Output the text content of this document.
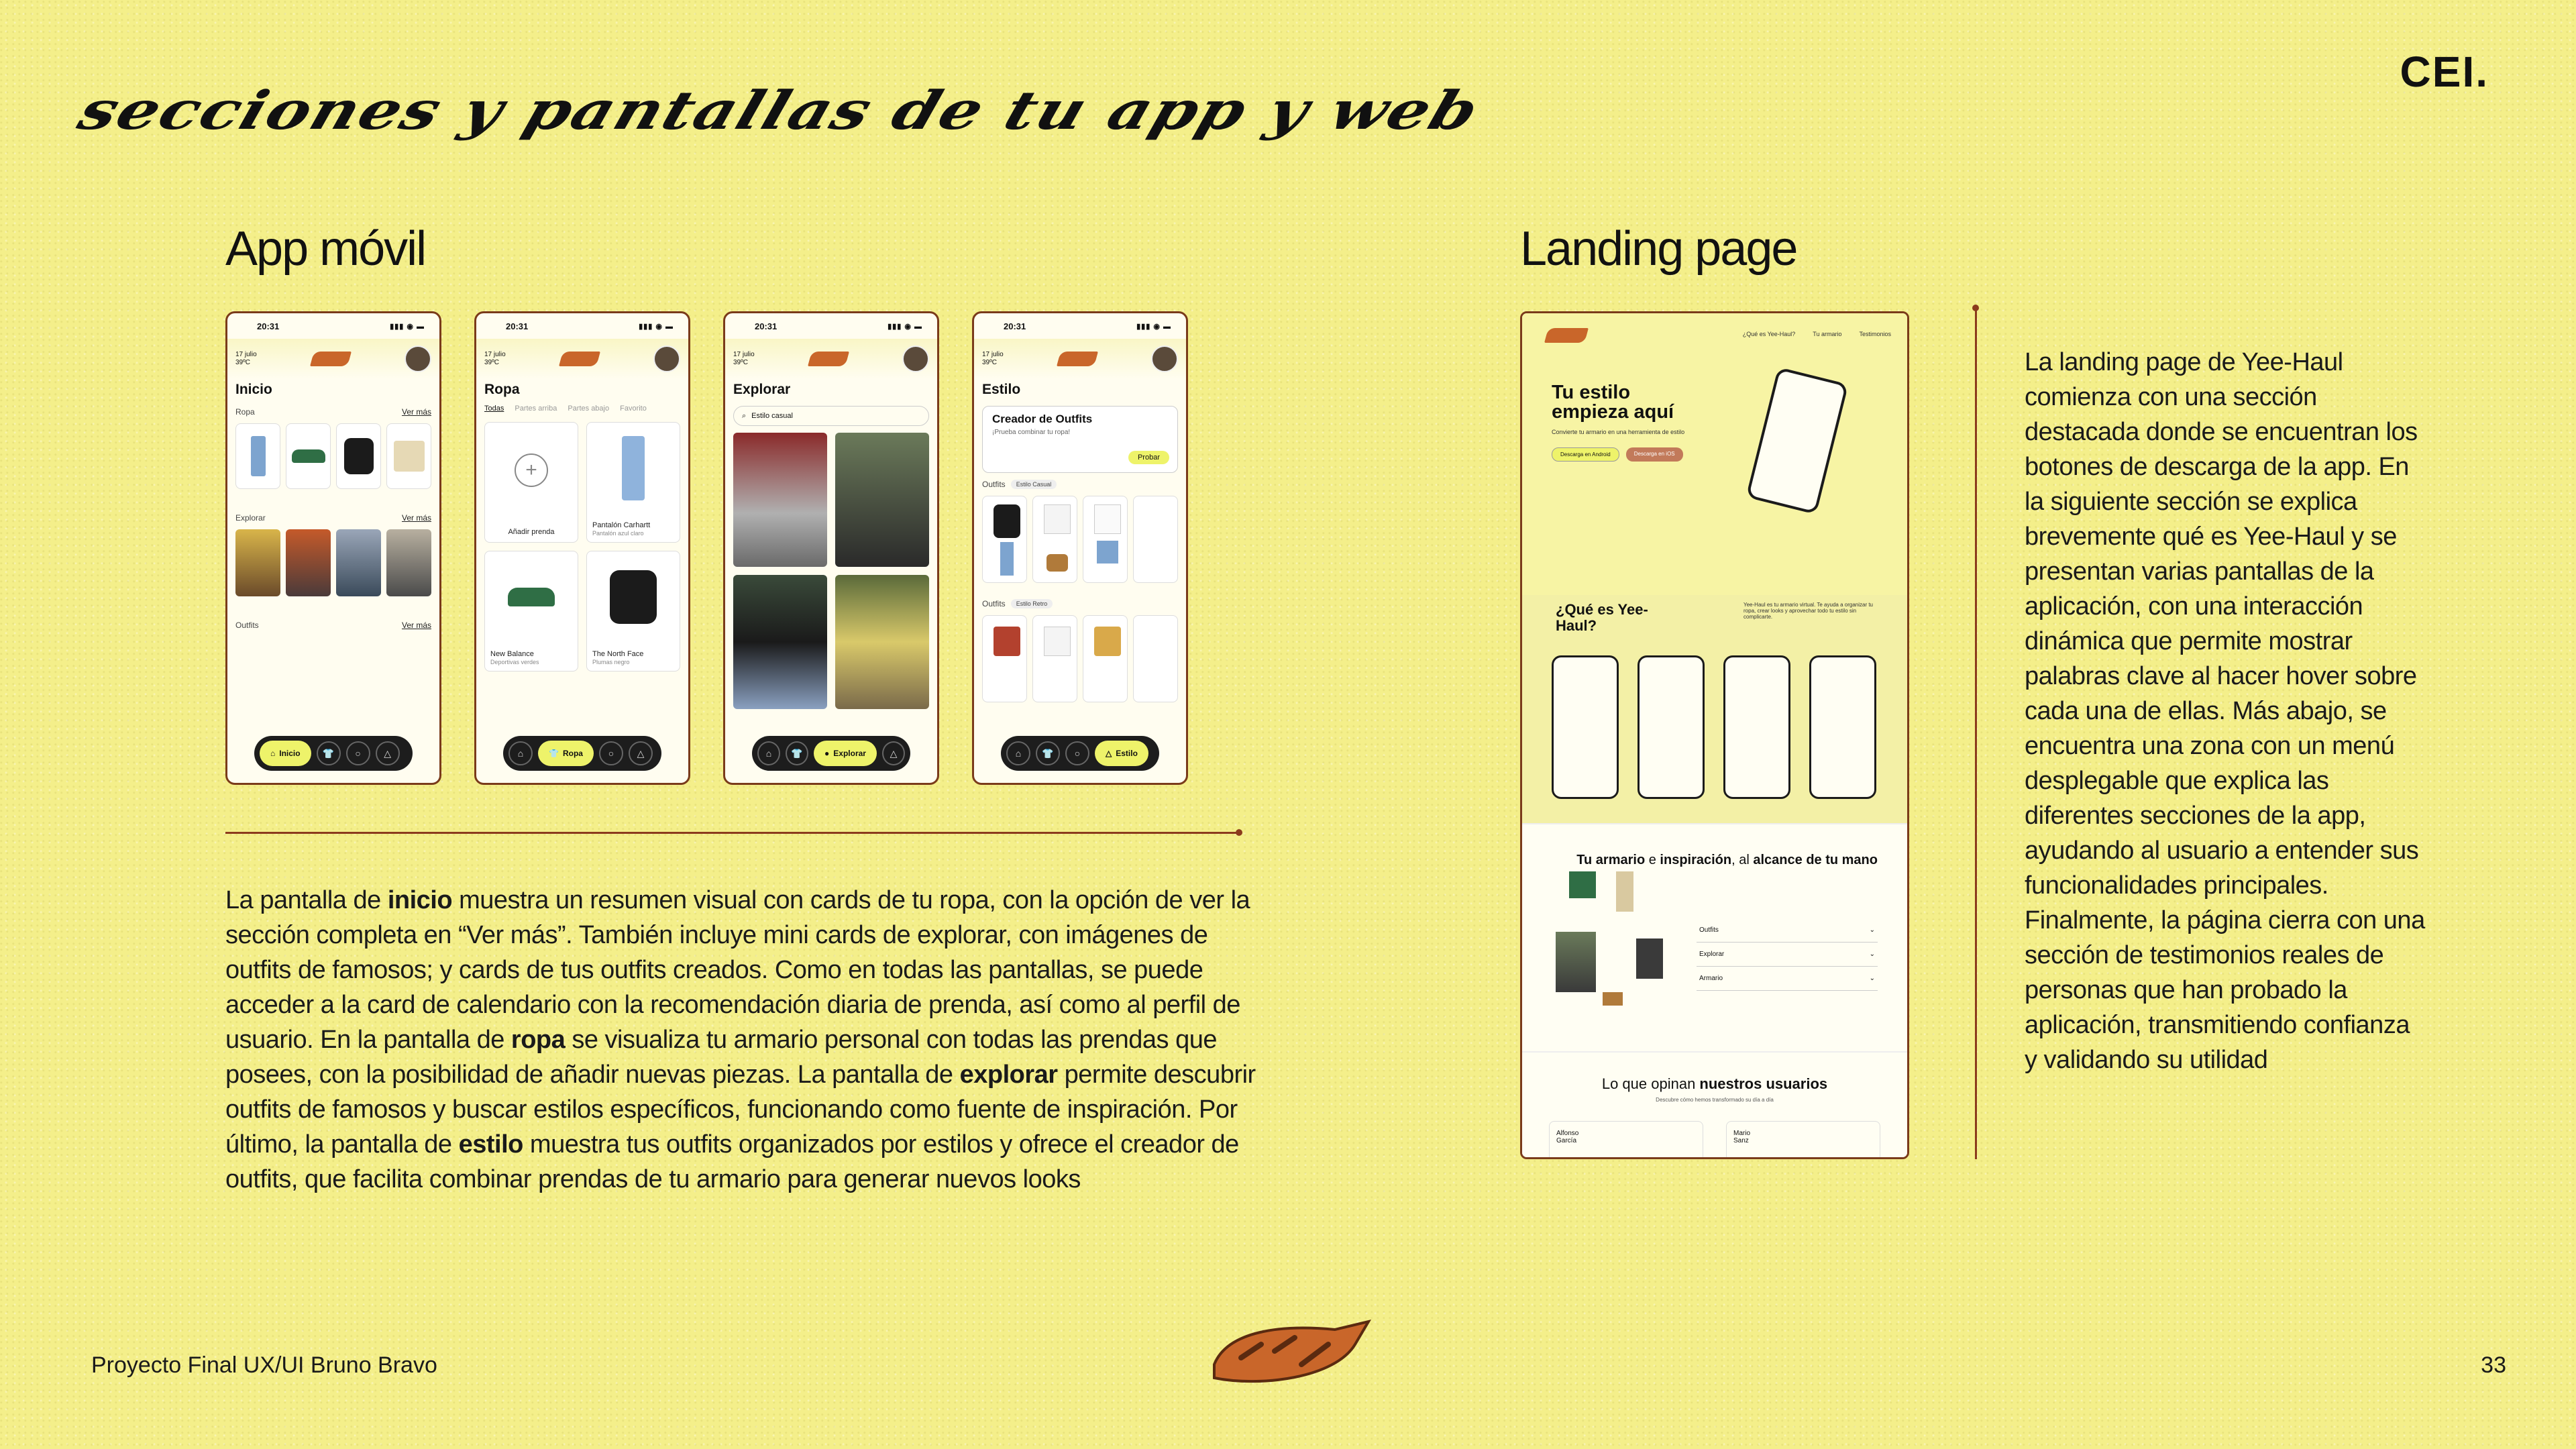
secciones y pantallas de tu app y web
CEI.
App móvil	Landing page
20:31	▮▮▮ ◉ ▬
17 julio
39ºC
Inicio
Ropa	Ver más
Explorar	Ver más
Outfits	Ver más
⌂ Inicio	👕	○	△
20:31	▮▮▮ ◉ ▬
17 julio
39ºC
Ropa
Todas Partes arriba Partes abajo Favorito
+
Añadir prenda
Pantalón Carhartt
Pantalón azul claro
New Balance
Deportivas verdes
The North Face
Plumas negro
⌂	👕 Ropa	○	△
20:31	▮▮▮ ◉ ▬
17 julio
39ºC
Explorar
⌕ Estilo casual
⌂	👕	● Explorar	△
20:31	▮▮▮ ◉ ▬
17 julio
39ºC
Estilo
Creador de Outfits
¡Prueba combinar tu ropa!
Probar
Outfits	Estilo Casual
Outfits	Estilo Retro
⌂	👕	○	△ Estilo
La pantalla de inicio muestra un resumen visual con cards de tu ropa, con la opción de ver la sección completa en “Ver más”. También incluye mini cards de explorar, con imágenes de outfits de famosos; y cards de tus outfits creados. Como en todas las pantallas, se puede acceder a la card de calendario con la recomendación diaria de prenda, así como al perfil de usuario. En la pantalla de ropa se visualiza tu armario personal con todas las prendas que posees, con la posibilidad de añadir nuevas piezas. La pantalla de explorar permite descubrir outfits de famosos y buscar estilos específicos, funcionando como fuente de inspiración. Por último, la pantalla de estilo muestra tus outfits organizados por estilos y ofrece el creador de outfits, que facilita combinar prendas de tu armario para generar nuevos looks
¿Qué es Yee-Haul?	Tu armario	Testimonios
Tu estilo empieza aquí
Convierte tu armario en una herramienta de estilo
Descarga en Android	Descarga en iOS
¿Qué es Yee-Haul?
Yee-Haul es tu armario virtual. Te ayuda a organizar tu ropa, crear looks y aprovechar todo tu estilo sin complicarte.
Tu armario e inspiración, al alcance de tu mano
Outfits	⌄
Explorar	⌄
Armario	⌄
Lo que opinan nuestros usuarios
Descubre cómo hemos transformado su día a día
Alfonso García
Mario Sanz
La landing page de Yee-Haul comienza con una sección destacada donde se encuentran los botones de descarga de la app. En la siguiente sección se explica brevemente qué es Yee-Haul y se presentan varias pantallas de la aplicación, con una interacción dinámica que permite mostrar palabras clave al hacer hover sobre cada una de ellas. Más abajo, se encuentra una zona con un menú desplegable que explica las diferentes secciones de la app, ayudando al usuario a entender sus funcionalidades principales. Finalmente, la página cierra con una sección de testimonios reales de personas que han probado la aplicación, transmitiendo confianza y validando su utilidad
Proyecto Final UX/UI Bruno Bravo	33
